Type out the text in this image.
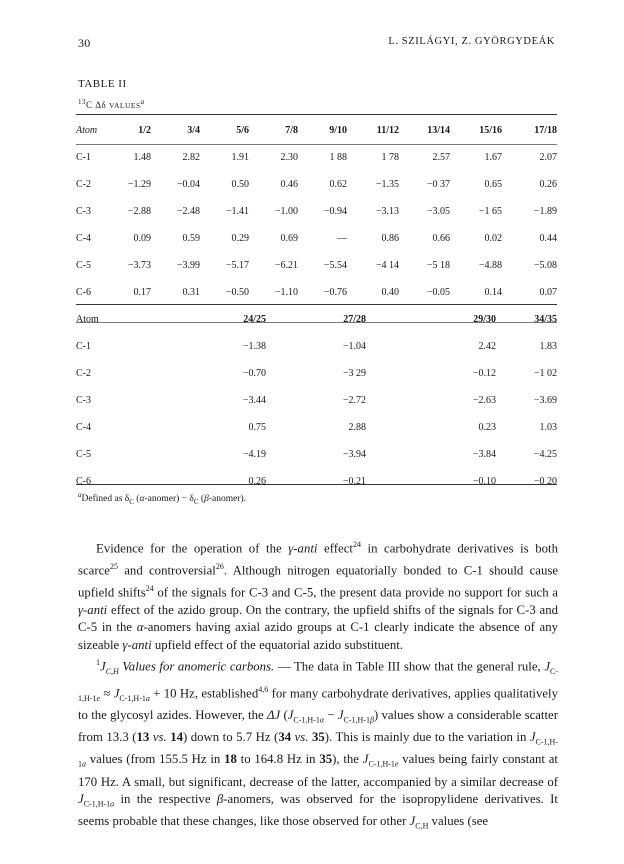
30	L. SZILÁGYI, Z. GYÖRGYDEÁK
TABLE II
$^{13}$C Δδ VALUES$^a$
Atom	1/2	3/4	5/6	7/8	9/10	11/12	13/14	15/16	17/18
C-1	1.48	2.82	1.91	2.30	1 88	1 78	2.57	1.67	2.07
C-2	−1.29	−0.04	0.50	0.46	0.62	−1.35	−0 37	0.65	0.26
C-3	−2.88	−2.48	−1.41	−1.00	−0.94	−3.13	−3.05	−1 65	−1.89
C-4	0.09	0.59	0.29	0.69	—	0.86	0.66	0.02	0.44
C-5	−3.73	−3.99	−5.17	−6.21	−5.54	−4 14	−5 18	−4.88	−5.08
C-6	0.17	0.31	−0.50	−1.10	−0.76	0.40	−0.05	0.14	0.07
Atom	24/25	27/28	29/30	34/35
C-1	−1.38	−1.04	2.42	1.83
C-2	−0.70	−3 29	−0.12	−1 02
C-3	−3.44	−2.72	−2.63	−3.69
C-4	0.75	2.88	0.23	1.03
C-5	−4.19	−3.94	−3.84	−4.25
C-6	0.26	−0.21	−0.10	−0 20
$^a$Defined as $\delta_C$ (α-anomer) − $\delta_C$ (β-anomer).

Evidence for the operation of the γ-anti effect$^{24}$ in carbohydrate derivatives is both scarce$^{25}$ and controversial$^{26}$. Although nitrogen equatorially bonded to C-1 should cause upfield shifts$^{24}$ of the signals for C-3 and C-5, the present data provide no support for such a γ-anti effect of the azido group. On the contrary, the upfield shifts of the signals for C-3 and C-5 in the α-anomers having axial azido groups at C-1 clearly indicate the absence of any sizeable γ-anti upfield effect of the equatorial azido substituent.

$^1J_{C,H}$ Values for anomeric carbons. — The data in Table III show that the general rule, $J_{C-1,H-1e} \approx J_{C-1,H-1a} + 10$ Hz, established$^{4,6}$ for many carbohydrate derivatives, applies qualitatively to the glycosyl azides. However, the ΔJ $(J_{C-1,H-1\alpha} - J_{C-1,H-1\beta})$ values show a considerable scatter from 13.3 (13 vs. 14) down to 5.7 Hz (34 vs. 35). This is mainly due to the variation in $J_{C-1,H-1a}$ values (from 155.5 Hz in 18 to 164.8 Hz in 35), the $J_{C-1,H-1e}$ values being fairly constant at 170 Hz. A small, but significant, decrease of the latter, accompanied by a similar decrease of $J_{C-1,H-1a}$ in the respective β-anomers, was observed for the isopropylidene derivatives. It seems probable that these changes, like those observed for other $J_{C,H}$ values (see
